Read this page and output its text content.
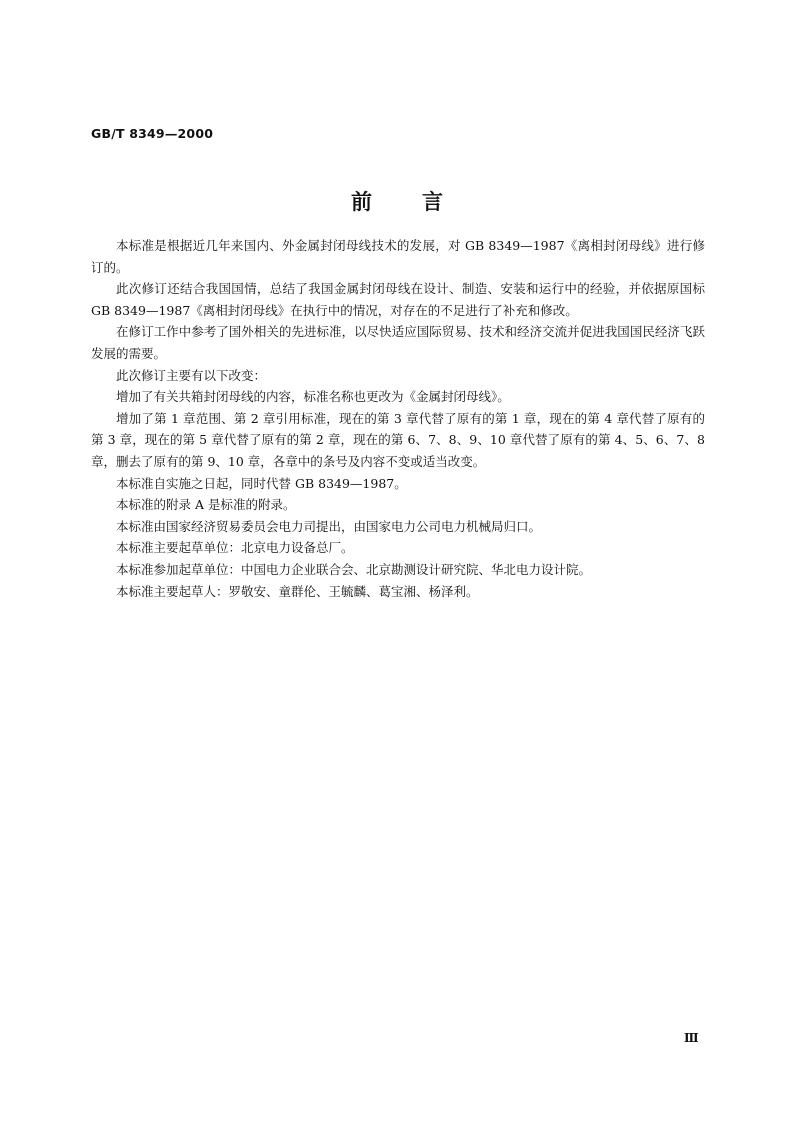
GB/T 8349—2000
前言

本标准是根据近几年来国内、外金属封闭母线技术的发展，对 GB 8349—1987《离相封闭母线》进行修订的。

此次修订还结合我国国情，总结了我国金属封闭母线在设计、制造、安装和运行中的经验，并依据原国标 GB 8349—1987《离相封闭母线》在执行中的情况，对存在的不足进行了补充和修改。

在修订工作中参考了国外相关的先进标准，以尽快适应国际贸易、技术和经济交流并促进我国国民经济飞跃发展的需要。

此次修订主要有以下改变：

增加了有关共箱封闭母线的内容，标准名称也更改为《金属封闭母线》。

增加了第 1 章范围、第 2 章引用标准，现在的第 3 章代替了原有的第 1 章，现在的第 4 章代替了原有的第 3 章，现在的第 5 章代替了原有的第 2 章，现在的第 6、7、8、9、10 章代替了原有的第 4、5、6、7、8 章，删去了原有的第 9、10 章，各章中的条号及内容不变或适当改变。

本标准自实施之日起，同时代替 GB 8349—1987。

本标准的附录 A 是标准的附录。

本标准由国家经济贸易委员会电力司提出，由国家电力公司电力机械局归口。

本标准主要起草单位：北京电力设备总厂。

本标准参加起草单位：中国电力企业联合会、北京勘测设计研究院、华北电力设计院。

本标准主要起草人：罗敬安、童群伦、王毓麟、葛宝湘、杨泽利。

Ⅲ
